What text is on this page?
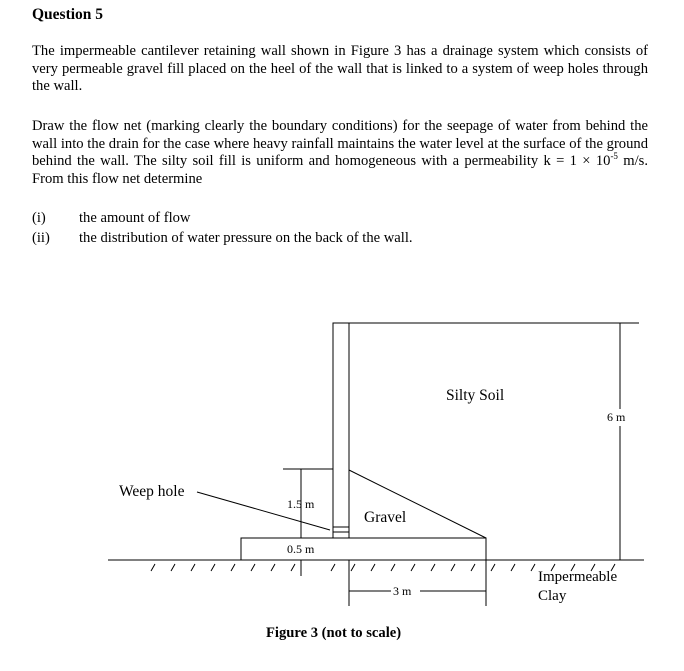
Question 5
The impermeable cantilever retaining wall shown in Figure 3 has a drainage system which consists of very permeable gravel fill placed on the heel of the wall that is linked to a system of weep holes through the wall.
Draw the flow net (marking clearly the boundary conditions) for the seepage of water from behind the wall into the drain for the case where heavy rainfall maintains the water level at the surface of the ground behind the wall. The silty soil fill is uniform and homogeneous with a permeability $k = 1 \times 10^{-5}$ m/s. From this flow net determine
(i)	the amount of flow
(ii)	the distribution of water pressure on the back of the wall.
Silty Soil
6 m
Weep hole
1.5 m
Gravel
0.5 m
3 m
Impermeable
Clay
Figure 3 (not to scale)
